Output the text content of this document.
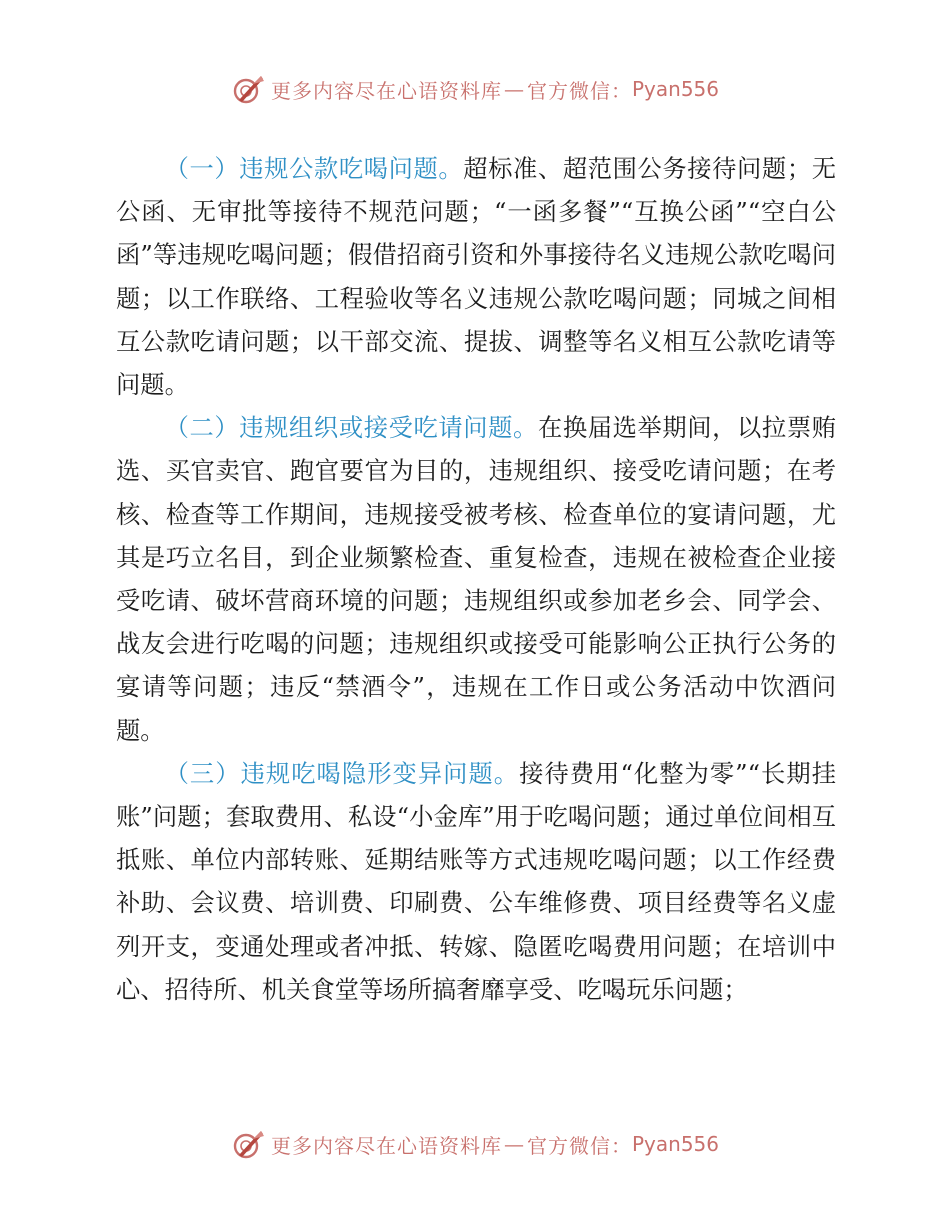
更多内容尽在心语资料库 — 官方微信： Pyan556

（一）违规公款吃喝问题。超标准、超范围公务接待问题；无公函、无审批等接待不规范问题；“一函多餐”“互换公函”“空白公函”等违规吃喝问题；假借招商引资和外事接待名义违规公款吃喝问题；以工作联络、工程验收等名义违规公款吃喝问题；同城之间相互公款吃请问题；以干部交流、提拔、调整等名义相互公款吃请等问题。

（二）违规组织或接受吃请问题。在换届选举期间，以拉票贿选、买官卖官、跑官要官为目的，违规组织、接受吃请问题；在考核、检查等工作期间，违规接受被考核、检查单位的宴请问题，尤其是巧立名目，到企业频繁检查、重复检查，违规在被检查企业接受吃请、破坏营商环境的问题；违规组织或参加老乡会、同学会、战友会进行吃喝的问题；违规组织或接受可能影响公正执行公务的宴请等问题；违反“禁酒令”，违规在工作日或公务活动中饮酒问题。

（三）违规吃喝隐形变异问题。接待费用“化整为零”“长期挂账”问题；套取费用、私设“小金库”用于吃喝问题；通过单位间相互抵账、单位内部转账、延期结账等方式违规吃喝问题；以工作经费补助、会议费、培训费、印刷费、公车维修费、项目经费等名义虚列开支，变通处理或者冲抵、转嫁、隐匿吃喝费用问题；在培训中心、招待所、机关食堂等场所搞奢靡享受、吃喝玩乐问题；

更多内容尽在心语资料库 — 官方微信： Pyan556
